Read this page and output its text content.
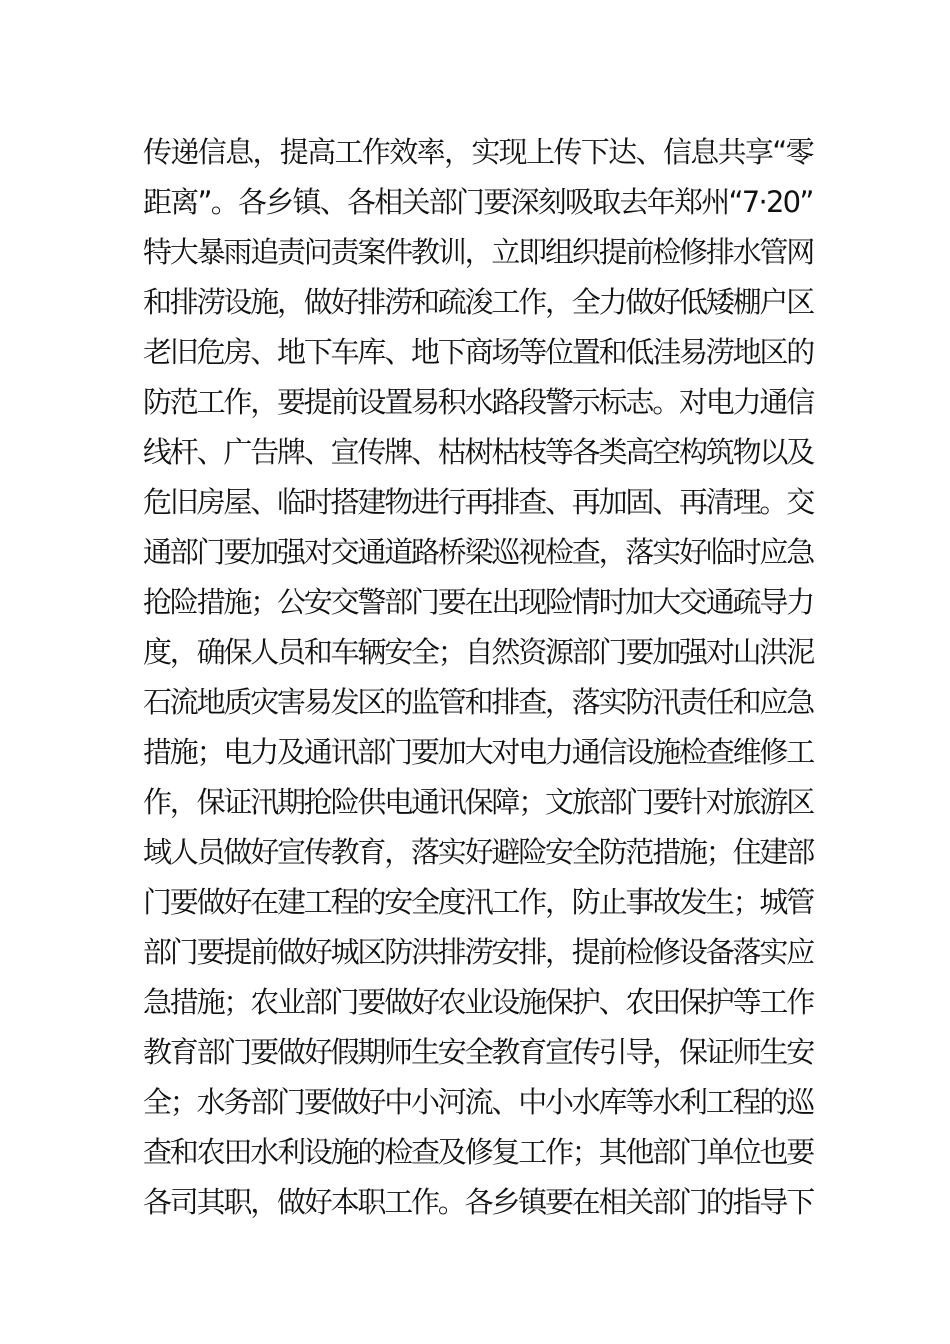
传递信息，提高工作效率，实现上传下达、信息共享“零
距离”。各乡镇、各相关部门要深刻吸取去年郑州“7·20”
特大暴雨追责问责案件教训，立即组织提前检修排水管网
和排涝设施，做好排涝和疏浚工作，全力做好低矮棚户区
老旧危房、地下车库、地下商场等位置和低洼易涝地区的
防范工作，要提前设置易积水路段警示标志。对电力通信
线杆、广告牌、宣传牌、枯树枯枝等各类高空构筑物以及
危旧房屋、临时搭建物进行再排查、再加固、再清理。交
通部门要加强对交通道路桥梁巡视检查，落实好临时应急
抢险措施；公安交警部门要在出现险情时加大交通疏导力
度，确保人员和车辆安全；自然资源部门要加强对山洪泥
石流地质灾害易发区的监管和排查，落实防汛责任和应急
措施；电力及通讯部门要加大对电力通信设施检查维修工
作，保证汛期抢险供电通讯保障；文旅部门要针对旅游区
域人员做好宣传教育，落实好避险安全防范措施；住建部
门要做好在建工程的安全度汛工作，防止事故发生；城管
部门要提前做好城区防洪排涝安排，提前检修设备落实应
急措施；农业部门要做好农业设施保护、农田保护等工作
教育部门要做好假期师生安全教育宣传引导，保证师生安
全；水务部门要做好中小河流、中小水库等水利工程的巡
查和农田水利设施的检查及修复工作；其他部门单位也要
各司其职，做好本职工作。各乡镇要在相关部门的指导下
